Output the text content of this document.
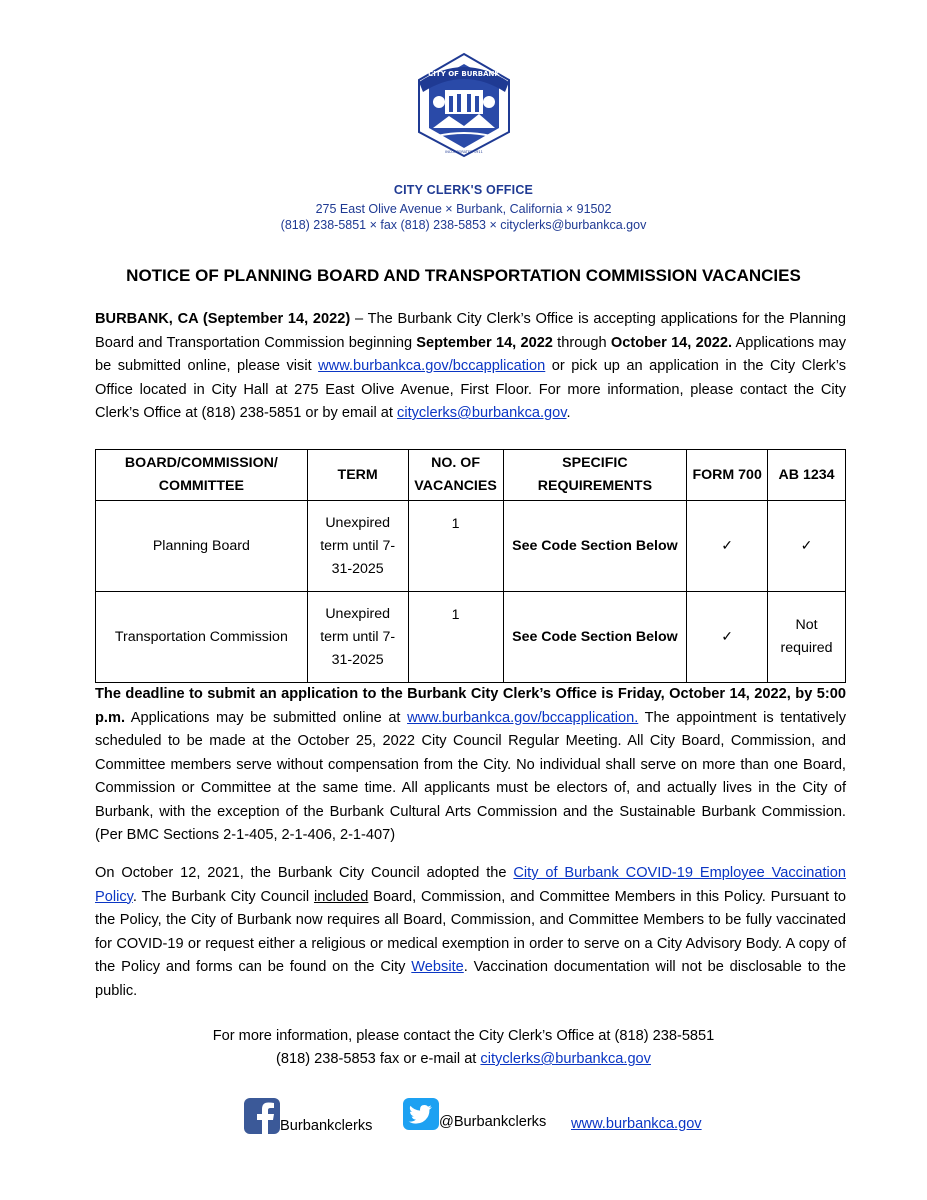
CITY OF BURBANK
INCORPORATED 1911
CITY CLERK'S OFFICE
275 East Olive Avenue × Burbank, California × 91502
(818) 238-5851 × fax (818) 238-5853 × cityclerks@burbankca.gov
NOTICE OF PLANNING BOARD AND TRANSPORTATION COMMISSION VACANCIES
BURBANK, CA (September 14, 2022) – The Burbank City Clerk’s Office is accepting applications for the Planning Board and Transportation Commission beginning September 14, 2022 through October 14, 2022. Applications may be submitted online, please visit www.burbankca.gov/bccapplication or pick up an application in the City Clerk’s Office located in City Hall at 275 East Olive Avenue, First Floor. For more information, please contact the City Clerk’s Office at (818) 238-5851 or by email at cityclerks@burbankca.gov.
BOARD/COMMISSION/ COMMITTEE	TERM	NO. OF VACANCIES	SPECIFIC REQUIREMENTS	FORM 700	AB 1234
Planning Board	Unexpired term until 7-31-2025	1	See Code Section Below	✓	✓
Transportation Commission	Unexpired term until 7-31-2025	1	See Code Section Below	✓	Not required
The deadline to submit an application to the Burbank City Clerk’s Office is Friday, October 14, 2022, by 5:00 p.m. Applications may be submitted online at www.burbankca.gov/bccapplication. The appointment is tentatively scheduled to be made at the October 25, 2022 City Council Regular Meeting. All City Board, Commission, and Committee members serve without compensation from the City. No individual shall serve on more than one Board, Commission or Committee at the same time. All applicants must be electors of, and actually lives in the City of Burbank, with the exception of the Burbank Cultural Arts Commission and the Sustainable Burbank Commission. (Per BMC Sections 2-1-405, 2-1-406, 2-1-407)
On October 12, 2021, the Burbank City Council adopted the City of Burbank COVID-19 Employee Vaccination Policy. The Burbank City Council included Board, Commission, and Committee Members in this Policy. Pursuant to the Policy, the City of Burbank now requires all Board, Commission, and Committee Members to be fully vaccinated for COVID-19 or request either a religious or medical exemption in order to serve on a City Advisory Body. A copy of the Policy and forms can be found on the City Website. Vaccination documentation will not be disclosable to the public.
For more information, please contact the City Clerk’s Office at (818) 238-5851
(818) 238-5853 fax or e-mail at cityclerks@burbankca.gov
Burbankclerks	@Burbankclerks www.burbankca.gov
